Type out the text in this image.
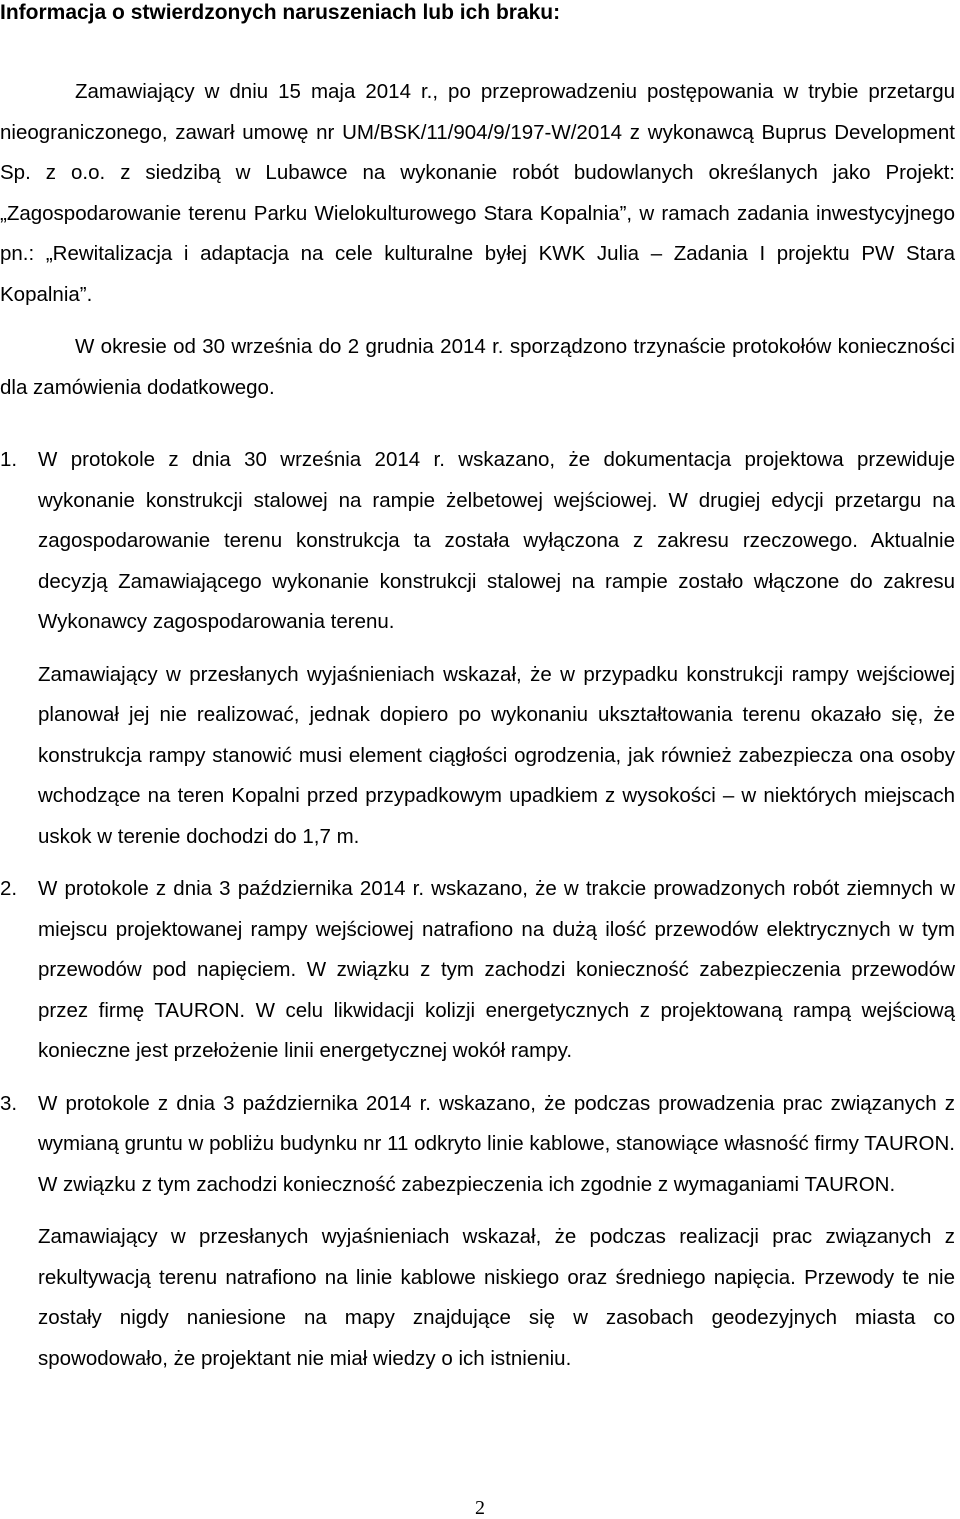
Informacja o stwierdzonych naruszeniach lub ich braku:

Zamawiający w dniu 15 maja 2014 r., po przeprowadzeniu postępowania w trybie przetargu nieograniczonego, zawarł umowę nr UM/BSK/11/904/9/197-W/2014 z wykonawcą Buprus Development Sp. z o.o. z siedzibą w Lubawce na wykonanie robót budowlanych określanych jako Projekt: „Zagospodarowanie terenu Parku Wielokulturowego Stara Kopalnia”, w ramach zadania inwestycyjnego pn.: „Rewitalizacja i adaptacja na cele kulturalne byłej KWK Julia – Zadania I projektu PW Stara Kopalnia”.

W okresie od 30 września do 2 grudnia 2014 r. sporządzono trzynaście protokołów konieczności dla zamówienia dodatkowego.

1.	W protokole z dnia 30 września 2014 r. wskazano, że dokumentacja projektowa przewiduje wykonanie konstrukcji stalowej na rampie żelbetowej wejściowej. W drugiej edycji przetargu na zagospodarowanie terenu konstrukcja ta została wyłączona z zakresu rzeczowego. Aktualnie decyzją Zamawiającego wykonanie konstrukcji stalowej na rampie zostało włączone do zakresu Wykonawcy zagospodarowania terenu.

Zamawiający w przesłanych wyjaśnieniach wskazał, że w przypadku konstrukcji rampy wejściowej planował jej nie realizować, jednak dopiero po wykonaniu ukształtowania terenu okazało się, że konstrukcja rampy stanowić musi element ciągłości ogrodzenia, jak również zabezpiecza ona osoby wchodzące na teren Kopalni przed przypadkowym upadkiem z wysokości – w niektórych miejscach uskok w terenie dochodzi do 1,7 m.

2.	W protokole z dnia 3 października 2014 r. wskazano, że w trakcie prowadzonych robót ziemnych w miejscu projektowanej rampy wejściowej natrafiono na dużą ilość przewodów elektrycznych w tym przewodów pod napięciem. W związku z tym zachodzi konieczność zabezpieczenia przewodów przez firmę TAURON. W celu likwidacji kolizji energetycznych z projektowaną rampą wejściową konieczne jest przełożenie linii energetycznej wokół rampy.

3.	W protokole z dnia 3 października 2014 r. wskazano, że podczas prowadzenia prac związanych z wymianą gruntu w pobliżu budynku nr 11 odkryto linie kablowe, stanowiące własność firmy TAURON. W związku z tym zachodzi konieczność zabezpieczenia ich zgodnie z wymaganiami TAURON.

Zamawiający w przesłanych wyjaśnieniach wskazał, że podczas realizacji prac związanych z rekultywacją terenu natrafiono na linie kablowe niskiego oraz średniego napięcia. Przewody te nie zostały nigdy naniesione na mapy znajdujące się w zasobach geodezyjnych miasta co spowodowało, że projektant nie miał wiedzy o ich istnieniu.

2
